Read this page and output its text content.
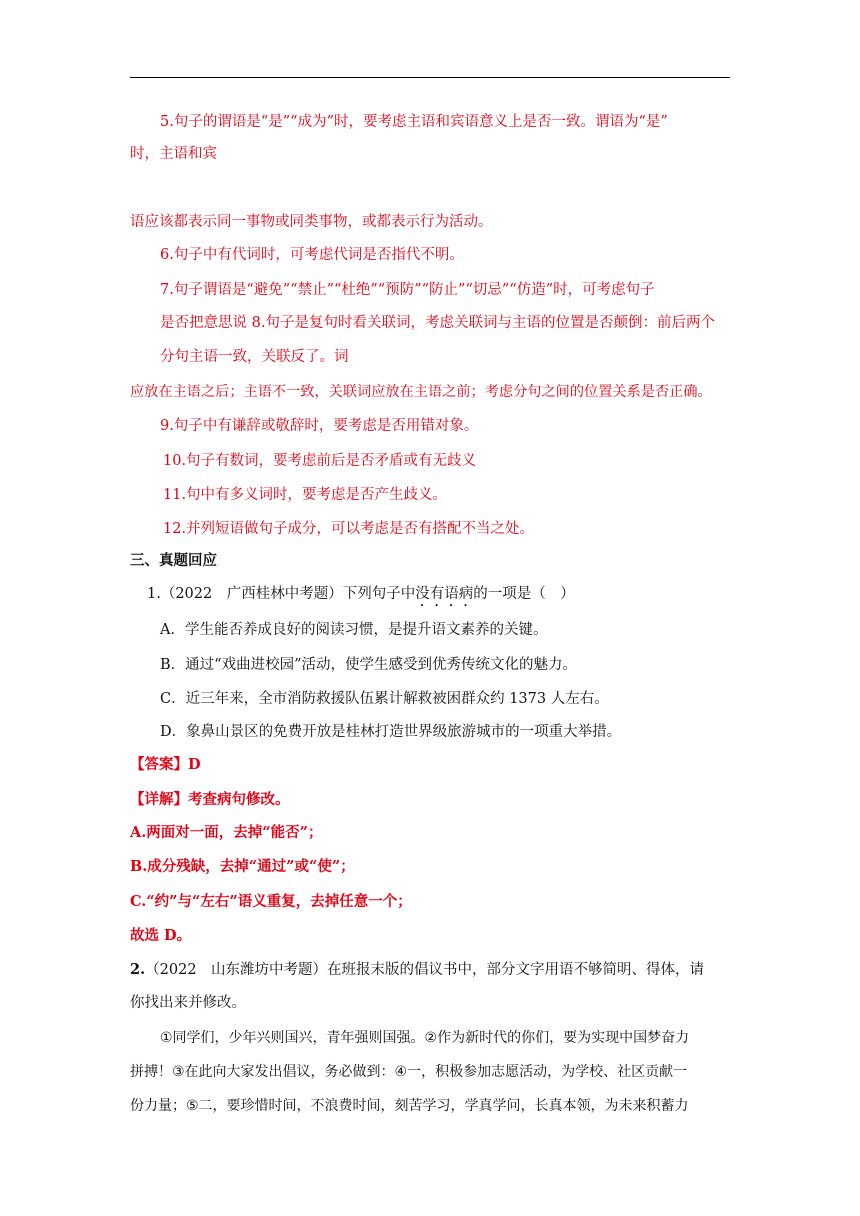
5.句子的谓语是“是”“成为”时，要考虑主语和宾语意义上是否一致。谓语为“是”
时，主语和宾
语应该都表示同一事物或同类事物，或都表示行为活动。
6.句子中有代词时，可考虑代词是否指代不明。
7.句子谓语是“避免”“禁止”“杜绝”“预防”“防止”“切忌”“仿造”时，可考虑句子
是否把意思说 8.句子是复句时看关联词，考虑关联词与主语的位置是否颠倒：前后两个
分句主语一致，关联反了。词
应放在主语之后；主语不一致，关联词应放在主语之前；考虑分句之间的位置关系是否正确。
9.句子中有谦辞或敬辞时，要考虑是否用错对象。
10.句子有数词，要考虑前后是否矛盾或有无歧义
11.句中有多义词时，要考虑是否产生歧义。
12.并列短语做句子成分，可以考虑是否有搭配不当之处。
三、真题回应
1.（2022　广西桂林中考题）下列句子中没有语病的一项是（　）
A．学生能否养成良好的阅读习惯，是提升语文素养的关键。
B．通过“戏曲进校园”活动，使学生感受到优秀传统文化的魅力。
C．近三年来，全市消防救援队伍累计解救被困群众约 1373 人左右。
D．象鼻山景区的免费开放是桂林打造世界级旅游城市的一项重大举措。
【答案】D
【详解】考查病句修改。
A.两面对一面，去掉“能否”；
B.成分残缺，去掉“通过”或“使”；
C.“约”与“左右”语义重复，去掉任意一个；
故选 D。
2.（2022　山东潍坊中考题）在班报末版的倡议书中，部分文字用语不够简明、得体，请
你找出来并修改。
①同学们，少年兴则国兴，青年强则国强。②作为新时代的你们，要为实现中国梦奋力
拼搏！③在此向大家发出倡议，务必做到：④一，积极参加志愿活动，为学校、社区贡献一
份力量；⑤二，要珍惜时间，不浪费时间，刻苦学习，学真学问，长真本领，为未来积蓄力
